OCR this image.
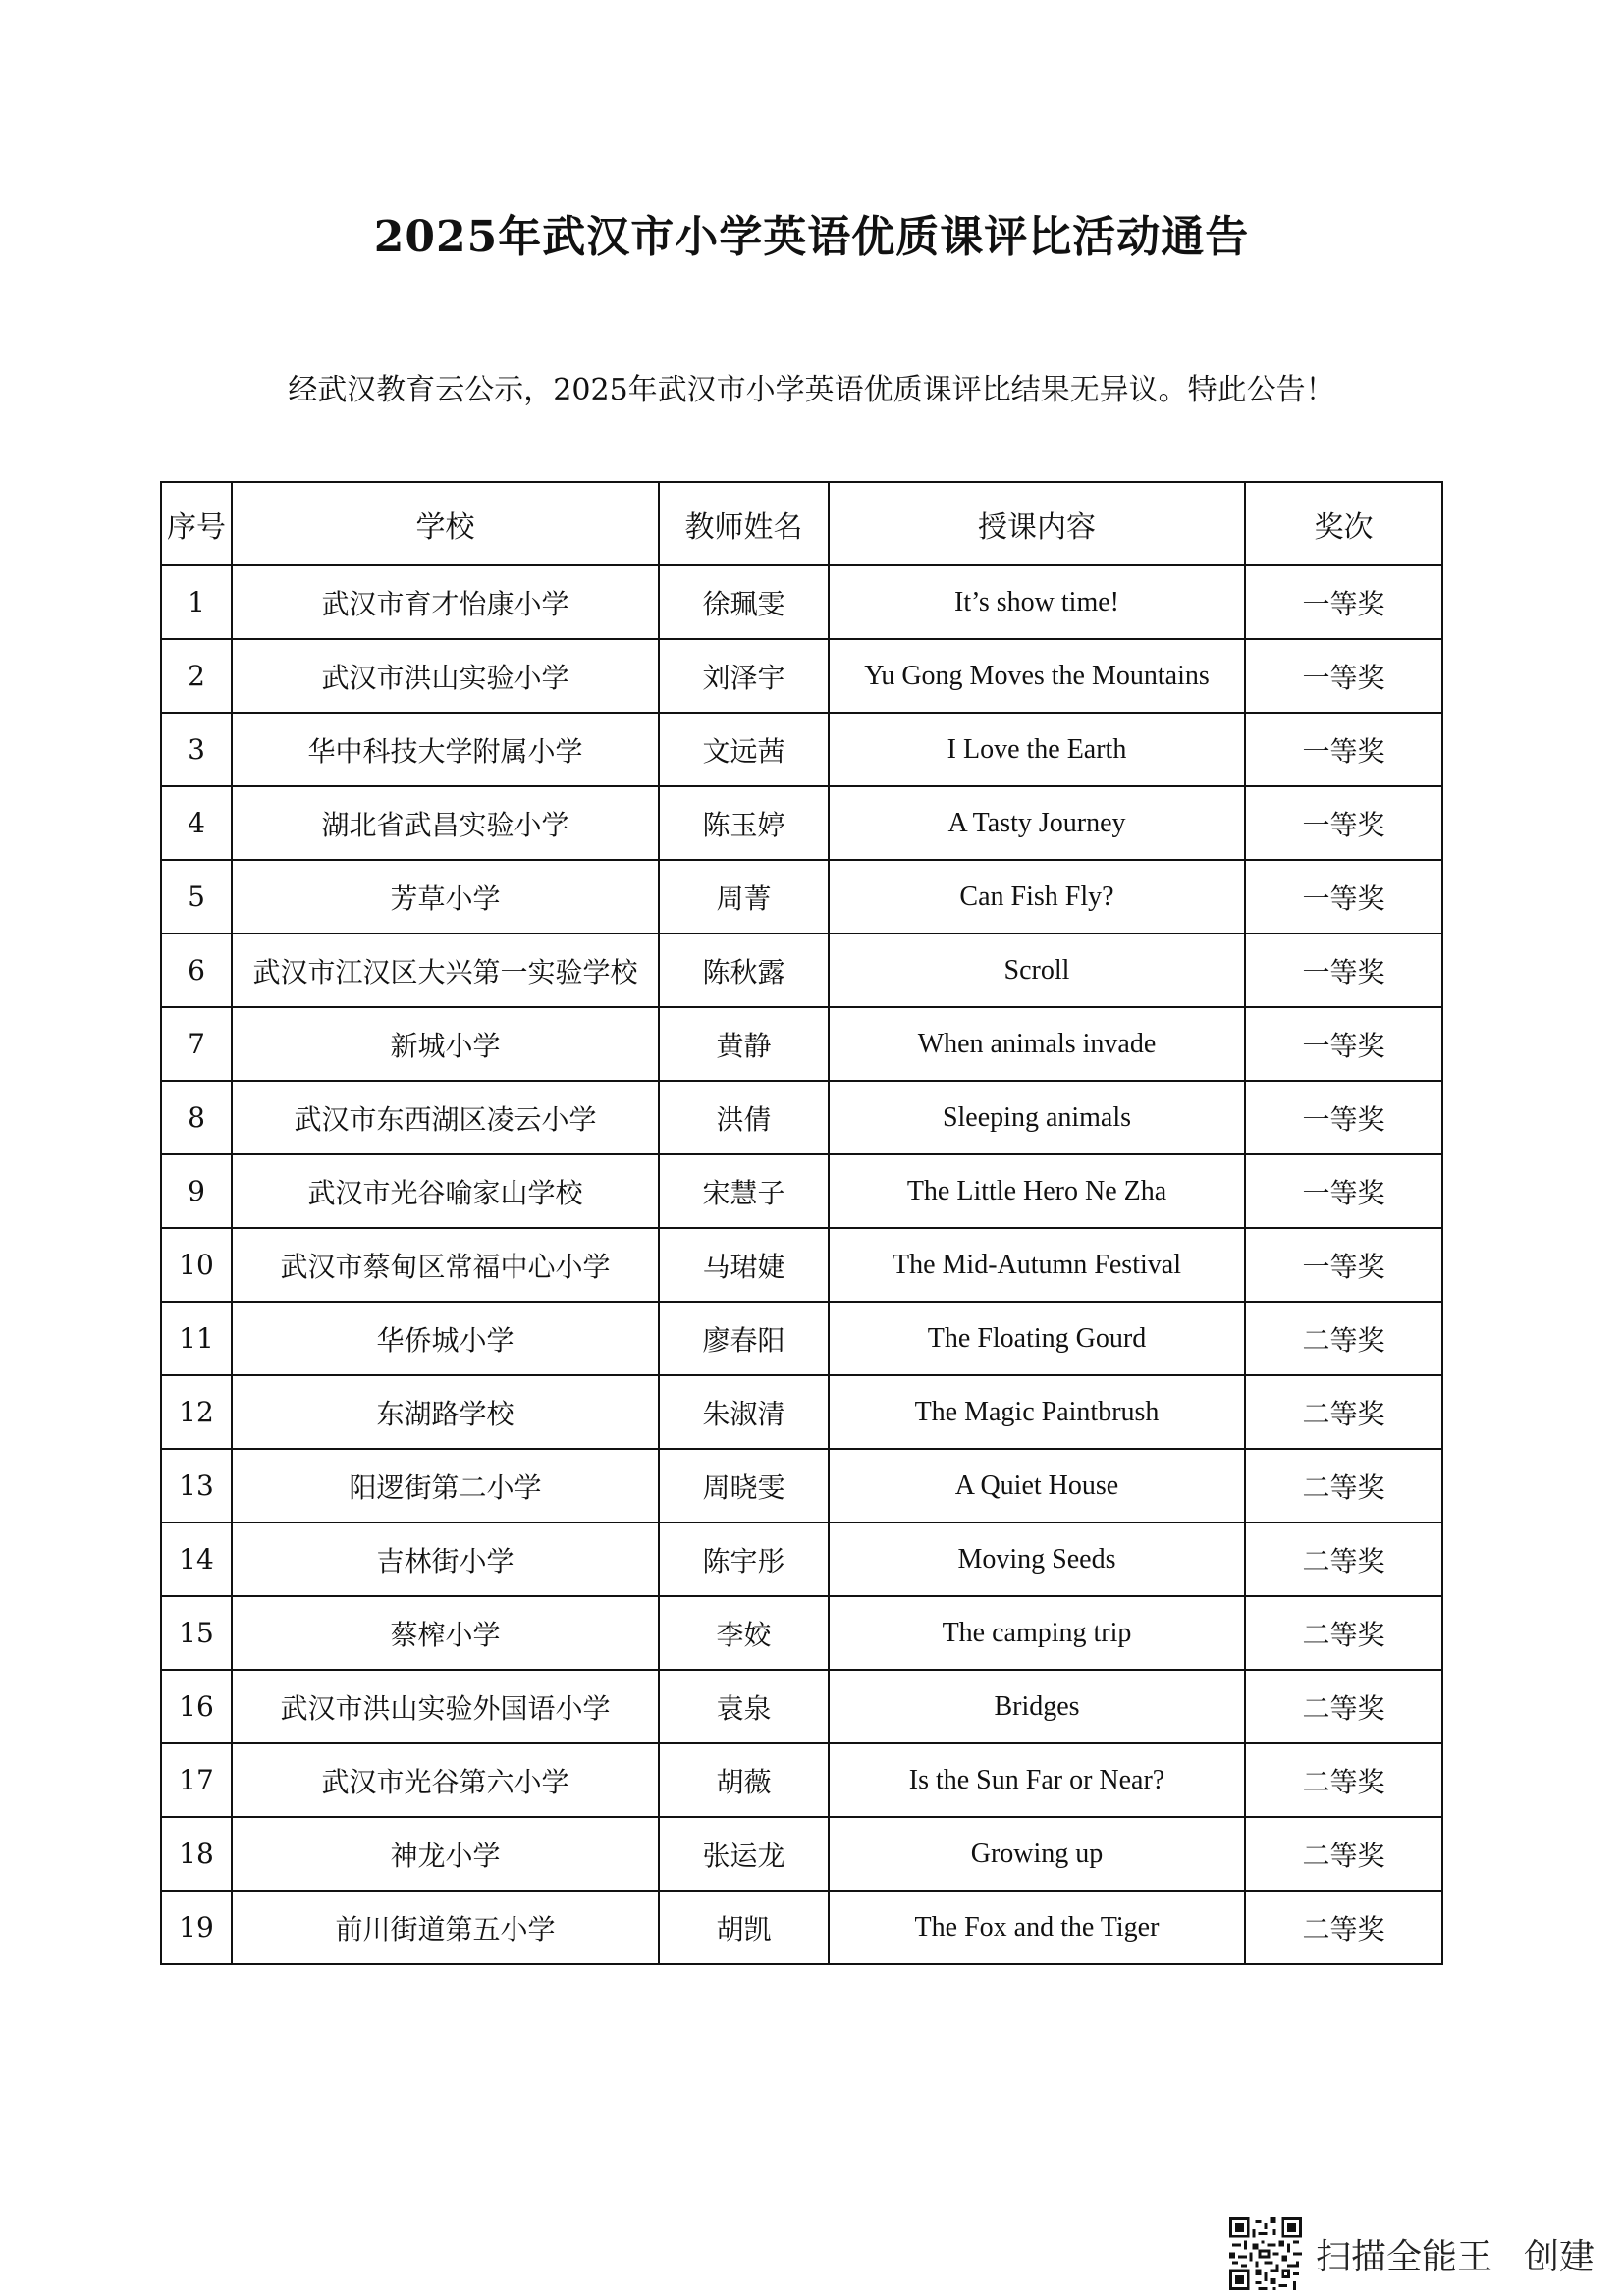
2025年武汉市小学英语优质课评比活动通告
经武汉教育云公示，2025年武汉市小学英语优质课评比结果无异议。特此公告！
序号	学校	教师姓名	授课内容	奖次
1	武汉市育才怡康小学	徐珮雯	It’s show time!	一等奖
2	武汉市洪山实验小学	刘泽宇	Yu Gong Moves the Mountains	一等奖
3	华中科技大学附属小学	文远茜	I Love the Earth	一等奖
4	湖北省武昌实验小学	陈玉婷	A Tasty Journey	一等奖
5	芳草小学	周菁	Can Fish Fly?	一等奖
6	武汉市江汉区大兴第一实验学校	陈秋露	Scroll	一等奖
7	新城小学	黄静	When animals invade	一等奖
8	武汉市东西湖区凌云小学	洪倩	Sleeping animals	一等奖
9	武汉市光谷喻家山学校	宋慧子	The Little Hero Ne Zha	一等奖
10	武汉市蔡甸区常福中心小学	马珺婕	The Mid-Autumn Festival	一等奖
11	华侨城小学	廖春阳	The Floating Gourd	二等奖
12	东湖路学校	朱淑清	The Magic Paintbrush	二等奖
13	阳逻街第二小学	周晓雯	A Quiet House	二等奖
14	吉林街小学	陈宇彤	Moving Seeds	二等奖
15	蔡榨小学	李姣	The camping trip	二等奖
16	武汉市洪山实验外国语小学	袁泉	Bridges	二等奖
17	武汉市光谷第六小学	胡薇	Is the Sun Far or Near?	二等奖
18	神龙小学	张运龙	Growing up	二等奖
19	前川街道第五小学	胡凯	The Fox and the Tiger	二等奖
扫描全能王 创建
